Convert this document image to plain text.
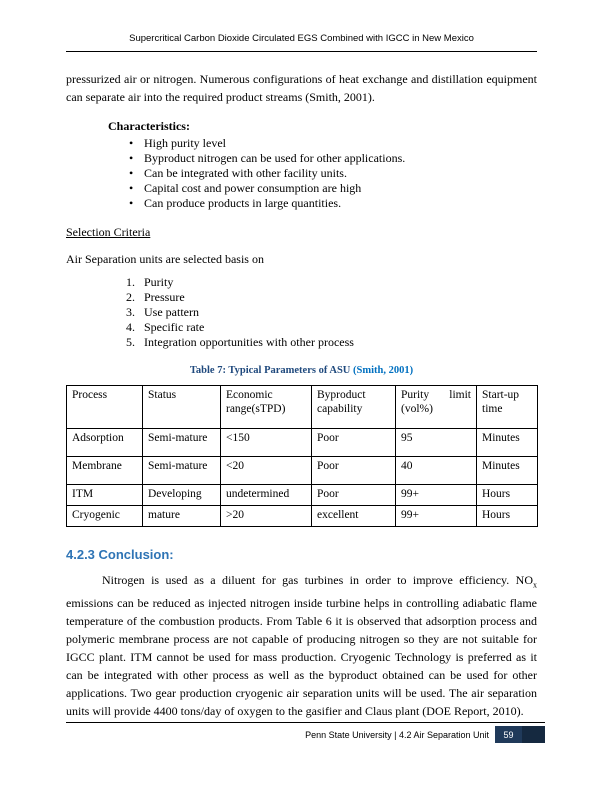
Supercritical Carbon Dioxide Circulated EGS Combined with IGCC in New Mexico

pressurized air or nitrogen. Numerous configurations of heat exchange and distillation equipment can separate air into the required product streams (Smith, 2001).

Characteristics:

• High purity level
• Byproduct nitrogen can be used for other applications.
• Can be integrated with other facility units.
• Capital cost and power consumption are high
• Can produce products in large quantities.

Selection Criteria

Air Separation units are selected basis on

Purity
Pressure
Use pattern
Specific rate
Integration opportunities with other process

Table 7: Typical Parameters of ASU (Smith, 2001)

Process	Status	Economic range(sTPD)	Byproduct capability	Purity limit (vol%)	Start-up time
Adsorption	Semi-mature	<150	Poor	95	Minutes
Membrane	Semi-mature	<20	Poor	40	Minutes
ITM	Developing	undetermined	Poor	99+	Hours
Cryogenic	mature	>20	excellent	99+	Hours

4.2.3 Conclusion:

Nitrogen is used as a diluent for gas turbines in order to improve efficiency. $NO_x$ emissions can be reduced as injected nitrogen inside turbine helps in controlling adiabatic flame temperature of the combustion products. From Table 6 it is observed that adsorption process and polymeric membrane process are not capable of producing nitrogen so they are not suitable for IGCC plant. ITM cannot be used for mass production. Cryogenic Technology is preferred as it can be integrated with other process as well as the byproduct obtained can be used for other applications. Two gear production cryogenic air separation units will be used. The air separation units will provide 4400 tons/day of oxygen to the gasifier and Claus plant (DOE Report, 2010).

Penn State University | 4.2 Air Separation Unit	59
